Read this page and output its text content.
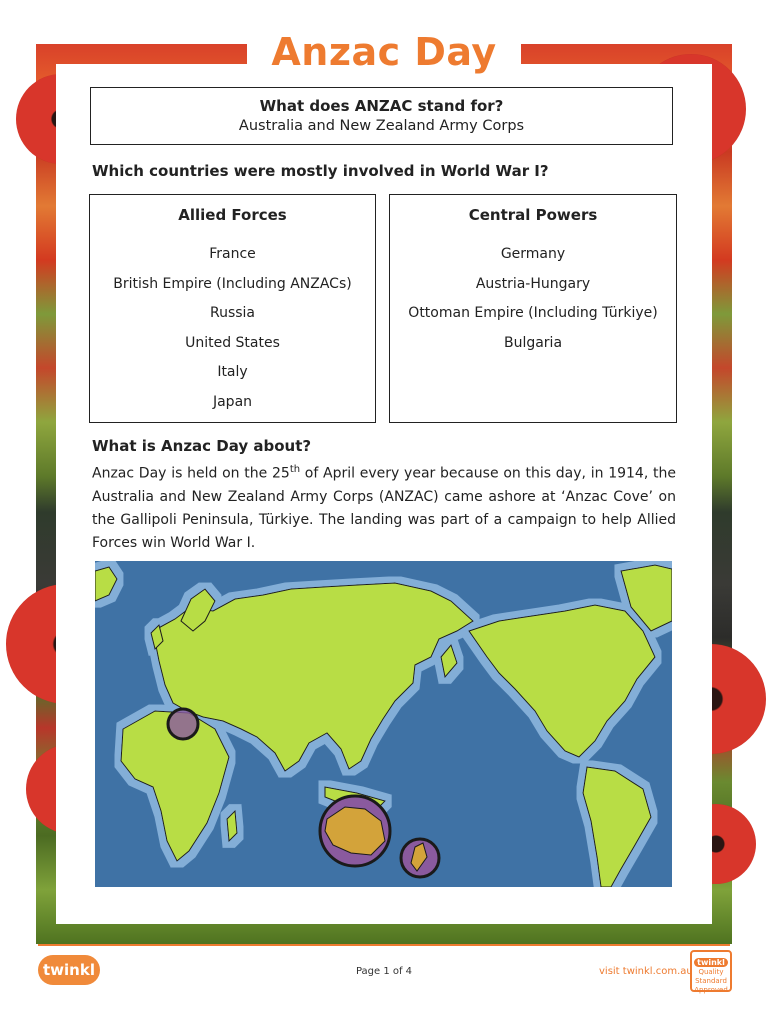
Anzac Day
What does ANZAC stand for?
Australia and New Zealand Army Corps
Which countries were mostly involved in World War I?
Allied Forces
France
British Empire (Including ANZACs)
Russia
United States
Italy
Japan
Central Powers
Germany
Austria-Hungary
Ottoman Empire (Including Türkiye)
Bulgaria
What is Anzac Day about?
Anzac Day is held on the 25th of April every year because on this day, in 1914, the Australia and New Zealand Army Corps (ANZAC) came ashore at ‘Anzac Cove’ on the Gallipoli Peninsula, Türkiye. The landing was part of a campaign to help Allied Forces win World War I.
twinkl	Page 1 of 4	visit twinkl.com.au
twinkl
Quality Standard Approved
